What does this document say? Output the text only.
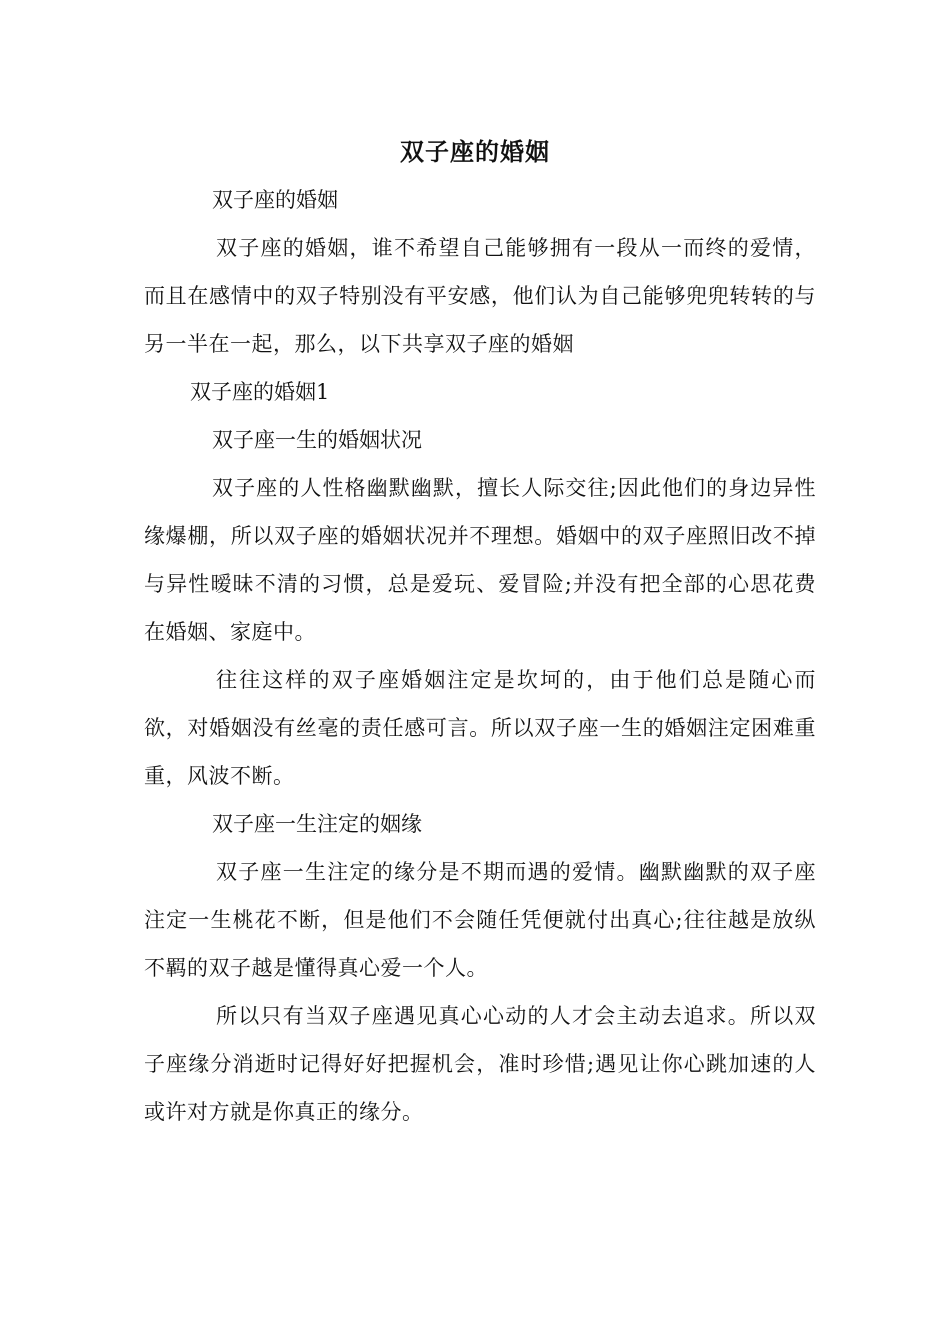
双子座的婚姻

双子座的婚姻

双子座的婚姻，谁不希望自己能够拥有一段从一而终的爱情，而且在感情中的双子特别没有平安感，他们认为自己能够兜兜转转的与另一半在一起，那么，以下共享双子座的婚姻

双子座的婚姻1

双子座一生的婚姻状况

双子座的人性格幽默幽默，擅长人际交往;因此他们的身边异性缘爆棚，所以双子座的婚姻状况并不理想。婚姻中的双子座照旧改不掉与异性暧昧不清的习惯，总是爱玩、爱冒险;并没有把全部的心思花费在婚姻、家庭中。

往往这样的双子座婚姻注定是坎坷的，由于他们总是随心而欲，对婚姻没有丝毫的责任感可言。所以双子座一生的婚姻注定困难重重，风波不断。

双子座一生注定的姻缘

双子座一生注定的缘分是不期而遇的爱情。幽默幽默的双子座注定一生桃花不断，但是他们不会随任凭便就付出真心;往往越是放纵不羁的双子越是懂得真心爱一个人。

所以只有当双子座遇见真心心动的人才会主动去追求。所以双子座缘分消逝时记得好好把握机会，准时珍惜;遇见让你心跳加速的人或许对方就是你真正的缘分。
